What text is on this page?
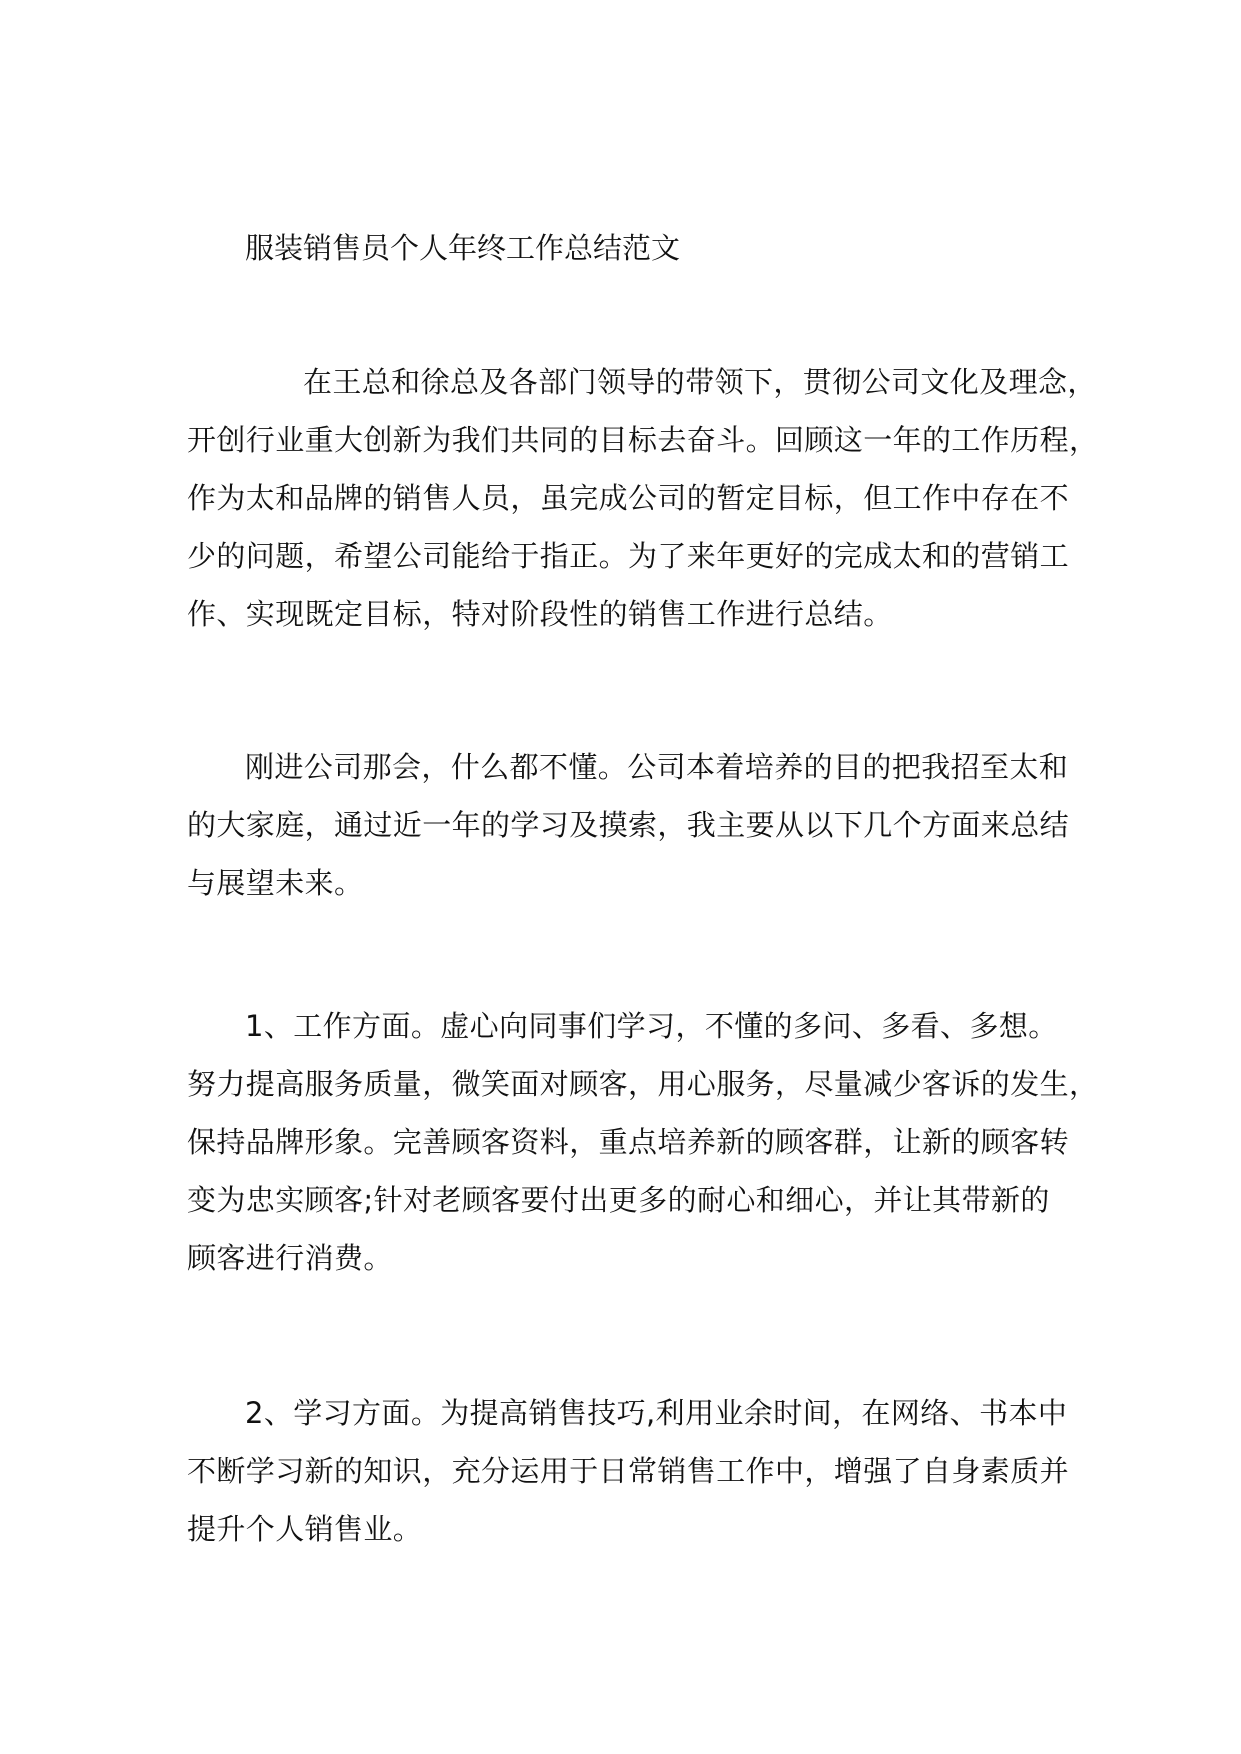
服装销售员个人年终工作总结范文
在王总和徐总及各部门领导的带领下，贯彻公司文化及理念，
开创行业重大创新为我们共同的目标去奋斗。回顾这一年的工作历程，
作为太和品牌的销售人员，虽完成公司的暂定目标，但工作中存在不
少的问题，希望公司能给于指正。为了来年更好的完成太和的营销工
作、实现既定目标，特对阶段性的销售工作进行总结。
刚进公司那会，什么都不懂。公司本着培养的目的把我招至太和
的大家庭，通过近一年的学习及摸索，我主要从以下几个方面来总结
与展望未来。
1、工作方面。虚心向同事们学习，不懂的多问、多看、多想。
努力提高服务质量，微笑面对顾客，用心服务，尽量减少客诉的发生，
保持品牌形象。完善顾客资料，重点培养新的顾客群，让新的顾客转
变为忠实顾客;针对老顾客要付出更多的耐心和细心，并让其带新的
顾客进行消费。
2、学习方面。为提高销售技巧,利用业余时间，在网络、书本中
不断学习新的知识，充分运用于日常销售工作中，增强了自身素质并
提升个人销售业。
